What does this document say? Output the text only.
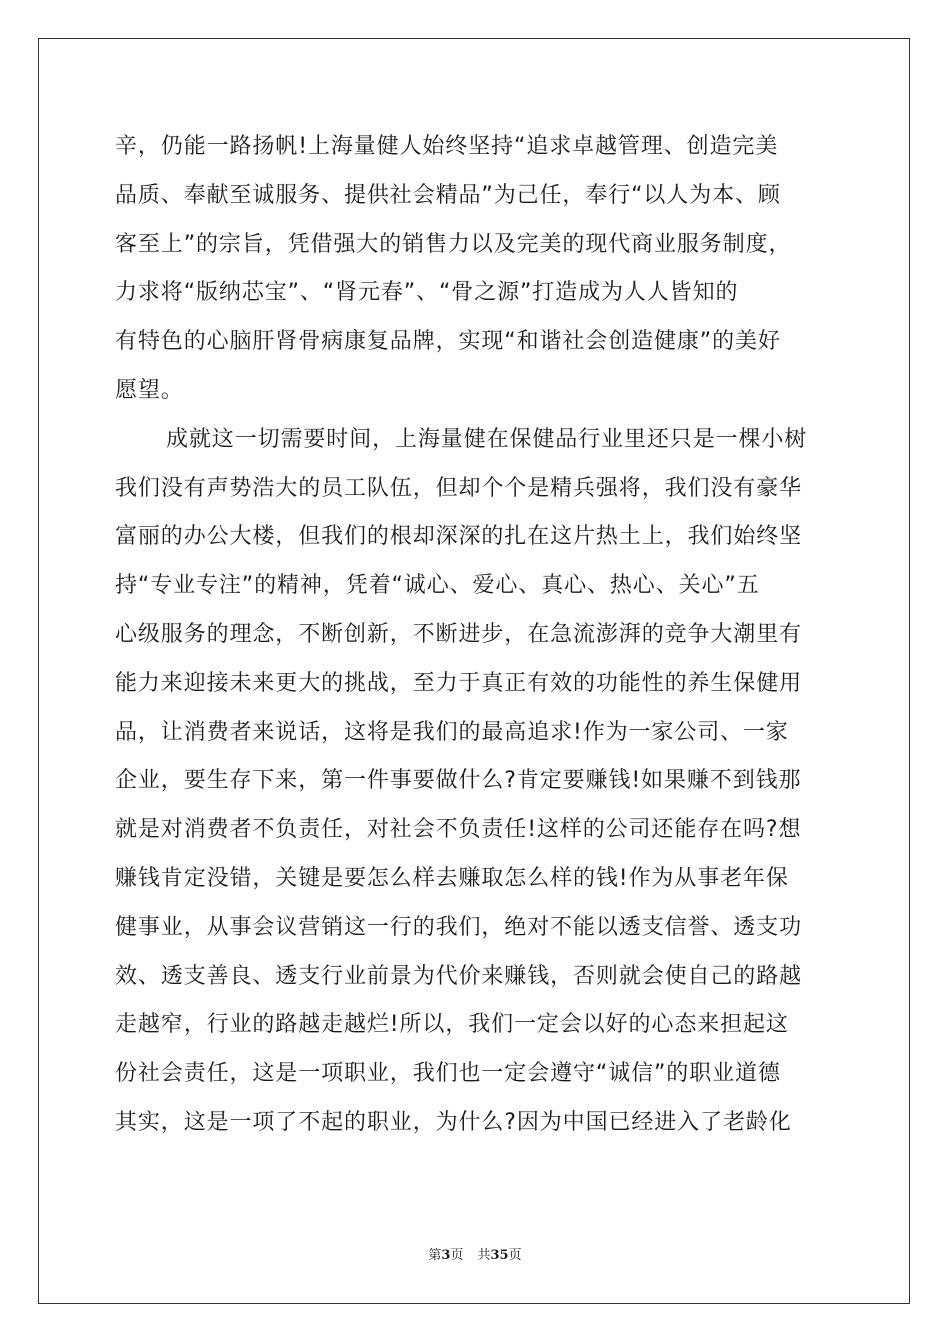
辛，仍能一路扬帆!上海量健人始终坚持“追求卓越管理、创造完美
品质、奉献至诚服务、提供社会精品”为己任，奉行“以人为本、顾
客至上”的宗旨，凭借强大的销售力以及完美的现代商业服务制度，
力求将“版纳芯宝”、“肾元春”、“骨之源”打造成为人人皆知的
有特色的心脑肝肾骨病康复品牌，实现“和谐社会创造健康”的美好
愿望。
成就这一切需要时间，上海量健在保健品行业里还只是一棵小树
我们没有声势浩大的员工队伍，但却个个是精兵强将，我们没有豪华
富丽的办公大楼，但我们的根却深深的扎在这片热土上，我们始终坚
持“专业专注”的精神，凭着“诚心、爱心、真心、热心、关心”五
心级服务的理念，不断创新，不断进步，在急流澎湃的竞争大潮里有
能力来迎接未来更大的挑战，至力于真正有效的功能性的养生保健用
品，让消费者来说话，这将是我们的最高追求!作为一家公司、一家
企业，要生存下来，第一件事要做什么?肯定要赚钱!如果赚不到钱那
就是对消费者不负责任，对社会不负责任!这样的公司还能存在吗?想
赚钱肯定没错，关键是要怎么样去赚取怎么样的钱!作为从事老年保
健事业，从事会议营销这一行的我们，绝对不能以透支信誉、透支功
效、透支善良、透支行业前景为代价来赚钱，否则就会使自己的路越
走越窄，行业的路越走越烂!所以，我们一定会以好的心态来担起这
份社会责任，这是一项职业，我们也一定会遵守“诚信”的职业道德
其实，这是一项了不起的职业，为什么?因为中国已经进入了老龄化
第3页 共35页
